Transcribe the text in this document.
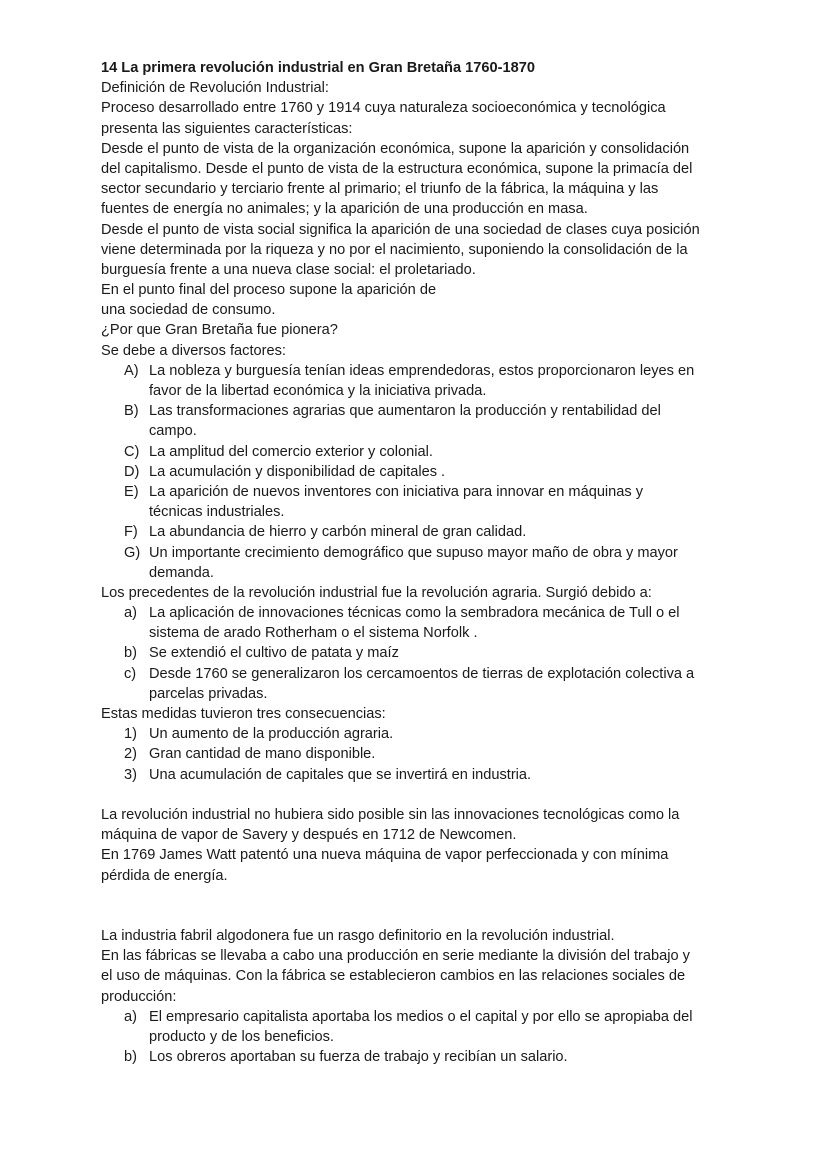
14 La primera revolución industrial en Gran Bretaña 1760-1870
Definición de Revolución Industrial:
Proceso desarrollado entre 1760 y 1914 cuya naturaleza socioeconómica y tecnológica
presenta las siguientes características:
Desde el punto de vista de la organización económica, supone la aparición y consolidación
del capitalismo. Desde el punto de vista de la estructura económica, supone la primacía del
sector secundario y terciario frente al primario; el triunfo de la fábrica, la máquina y las
fuentes de energía no animales; y la aparición de una producción en masa.
Desde el punto de vista social significa la aparición de una sociedad de clases cuya posición
viene determinada por la riqueza y no por el nacimiento, suponiendo la consolidación de la
burguesía frente a una nueva clase social: el proletariado.
En el punto final del proceso supone la aparición de
una sociedad de consumo.
¿Por que Gran Bretaña fue pionera?
Se debe a diversos factores:
A) La nobleza y burguesía tenían ideas emprendedoras, estos proporcionaron leyes en
favor de la libertad económica y la iniciativa privada.
B) Las transformaciones agrarias que aumentaron la producción y rentabilidad del
campo.
C) La amplitud del comercio exterior y colonial.
D) La acumulación y disponibilidad de capitales .
E) La aparición de nuevos inventores con iniciativa para innovar en máquinas y
técnicas industriales.
F) La abundancia de hierro y carbón mineral de gran calidad.
G) Un importante crecimiento demográfico que supuso mayor maño de obra y mayor
demanda.
Los precedentes de la revolución industrial fue la revolución agraria. Surgió debido a:
a) La aplicación de innovaciones técnicas como la sembradora mecánica de Tull o el
sistema de arado Rotherham o el sistema Norfolk .
b) Se extendió el cultivo de patata y maíz
c) Desde 1760 se generalizaron los cercamoentos de tierras de explotación colectiva a
parcelas privadas.
Estas medidas tuvieron tres consecuencias:
1) Un aumento de la producción agraria.
2) Gran cantidad de mano disponible.
3) Una acumulación de capitales que se invertirá en industria.
La revolución industrial no hubiera sido posible sin las innovaciones tecnológicas como la
máquina de vapor de Savery y después en 1712 de Newcomen.
En 1769 James Watt patentó una nueva máquina de vapor perfeccionada y con mínima
pérdida de energía.
La industria fabril algodonera fue un rasgo definitorio en la revolución industrial.
En las fábricas se llevaba a cabo una producción en serie mediante la división del trabajo y
el uso de máquinas. Con la fábrica se establecieron cambios en las relaciones sociales de
producción:
a) El empresario capitalista aportaba los medios o el capital y por ello se apropiaba del
producto y de los beneficios.
b) Los obreros aportaban su fuerza de trabajo y recibían un salario.
